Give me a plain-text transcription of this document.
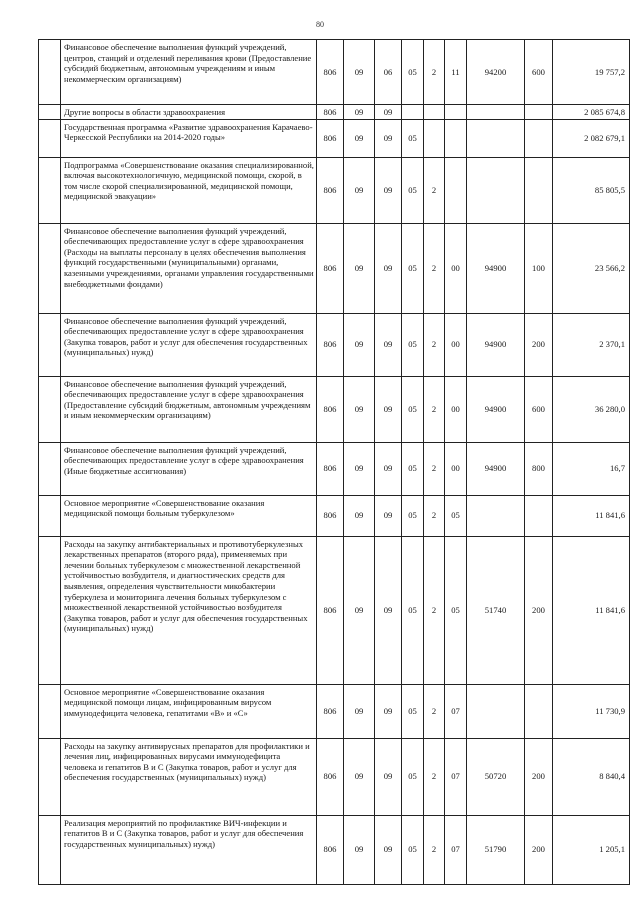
80
	Финансовое обеспечение выполнения функций учреждений, центров, станций и отделений переливания крови (Предоставление субсидий бюджетным, автономным учреждениям и иным некоммерческим организациям)	806	09	06	05	2	11	94200	600	19 757,2
	Другие вопросы в области здравоохранения	806	09	09						2 085 674,8
	Государственная программа «Развитие здравоохранения Карачаево-Черкесской Республики на 2014-2020 годы»	806	09	09	05					2 082 679,1
	Подпрограмма «Совершенствование оказания специализированной, включая высокотехнологичную, медицинской помощи, скорой, в том числе скорой специализированной, медицинской помощи, медицинской эвакуации»	806	09	09	05	2				85 805,5
	Финансовое обеспечение выполнения функций учреждений, обеспечивающих предоставление услуг в сфере здравоохранения (Расходы на выплаты персоналу в целях обеспечения выполнения функций государственными (муниципальными) органами, казенными учреждениями, органами управления государственными внебюджетными фондами)	806	09	09	05	2	00	94900	100	23 566,2
	Финансовое обеспечение выполнения функций учреждений, обеспечивающих предоставление услуг в сфере здравоохранения (Закупка товаров, работ и услуг для обеспечения государственных (муниципальных) нужд)	806	09	09	05	2	00	94900	200	2 370,1
	Финансовое обеспечение выполнения функций учреждений, обеспечивающих предоставление услуг в сфере здравоохранения (Предоставление субсидий бюджетным, автономным учреждениям и иным некоммерческим организациям)	806	09	09	05	2	00	94900	600	36 280,0
	Финансовое обеспечение выполнения функций учреждений, обеспечивающих предоставление услуг в сфере здравоохранения (Иные бюджетные ассигнования)	806	09	09	05	2	00	94900	800	16,7
	Основное мероприятие «Совершенствование оказания медицинской помощи больным туберкулезом»	806	09	09	05	2	05			11 841,6
	Расходы на закупку антибактериальных и противотуберкулезных лекарственных препаратов (второго ряда), применяемых при лечении больных туберкулезом с множественной лекарственной устойчивостью возбудителя, и диагностических средств для выявления, определения чувствительности микобактерии туберкулеза и мониторинга лечения больных туберкулезом с множественной лекарственной устойчивостью возбудителя (Закупка товаров, работ и услуг для обеспечения государственных (муниципальных) нужд)	806	09	09	05	2	05	51740	200	11 841,6
	Основное мероприятие «Совершенствование оказания медицинской помощи лицам, инфицированным вирусом иммунодефицита человека, гепатитами «В» и «С»	806	09	09	05	2	07			11 730,9
	Расходы на закупку антивирусных препаратов для профилактики и лечения лиц, инфицированных вирусами иммунодефицита человека и гепатитов В и С (Закупка товаров, работ и услуг для обеспечения государственных (муниципальных) нужд)	806	09	09	05	2	07	50720	200	8 840,4
	Реализация мероприятий по профилактике ВИЧ-инфекции и гепатитов В и С (Закупка товаров, работ и услуг для обеспечения государственных муниципальных) нужд)	806	09	09	05	2	07	51790	200	1 205,1
